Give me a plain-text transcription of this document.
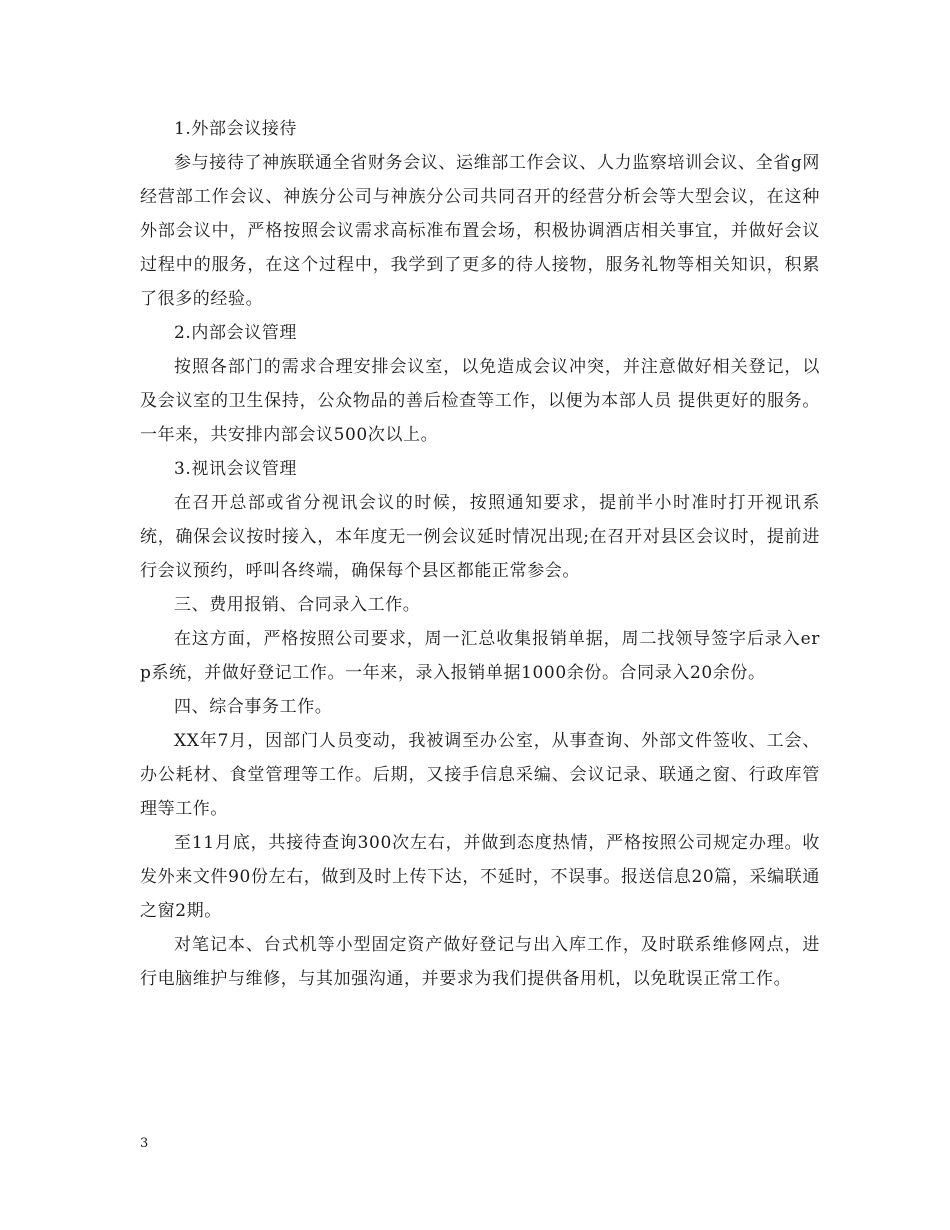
1.外部会议接待

参与接待了神族联通全省财务会议、运维部工作会议、人力监察培训会议、全省g网经营部工作会议、神族分公司与神族分公司共同召开的经营分析会等大型会议，在这种外部会议中，严格按照会议需求高标准布置会场，积极协调酒店相关事宜，并做好会议过程中的服务，在这个过程中，我学到了更多的待人接物，服务礼物等相关知识，积累了很多的经验。

2.内部会议管理

按照各部门的需求合理安排会议室，以免造成会议冲突，并注意做好相关登记，以及会议室的卫生保持，公众物品的善后检查等工作，以便为本部人员 提供更好的服务。一年来，共安排内部会议500次以上。

3.视讯会议管理

在召开总部或省分视讯会议的时候，按照通知要求，提前半小时准时打开视讯系统，确保会议按时接入，本年度无一例会议延时情况出现;在召开对县区会议时，提前进行会议预约，呼叫各终端，确保每个县区都能正常参会。

三、费用报销、合同录入工作。

在这方面，严格按照公司要求，周一汇总收集报销单据，周二找领导签字后录入erp系统，并做好登记工作。一年来，录入报销单据1000余份。合同录入20余份。

四、综合事务工作。

XX年7月，因部门人员变动，我被调至办公室，从事查询、外部文件签收、工会、办公耗材、食堂管理等工作。后期，又接手信息采编、会议记录、联通之窗、行政库管理等工作。

至11月底，共接待查询300次左右，并做到态度热情，严格按照公司规定办理。收发外来文件90份左右，做到及时上传下达，不延时，不误事。报送信息20篇，采编联通之窗2期。

对笔记本、台式机等小型固定资产做好登记与出入库工作，及时联系维修网点，进行电脑维护与维修，与其加强沟通，并要求为我们提供备用机，以免耽误正常工作。

3
